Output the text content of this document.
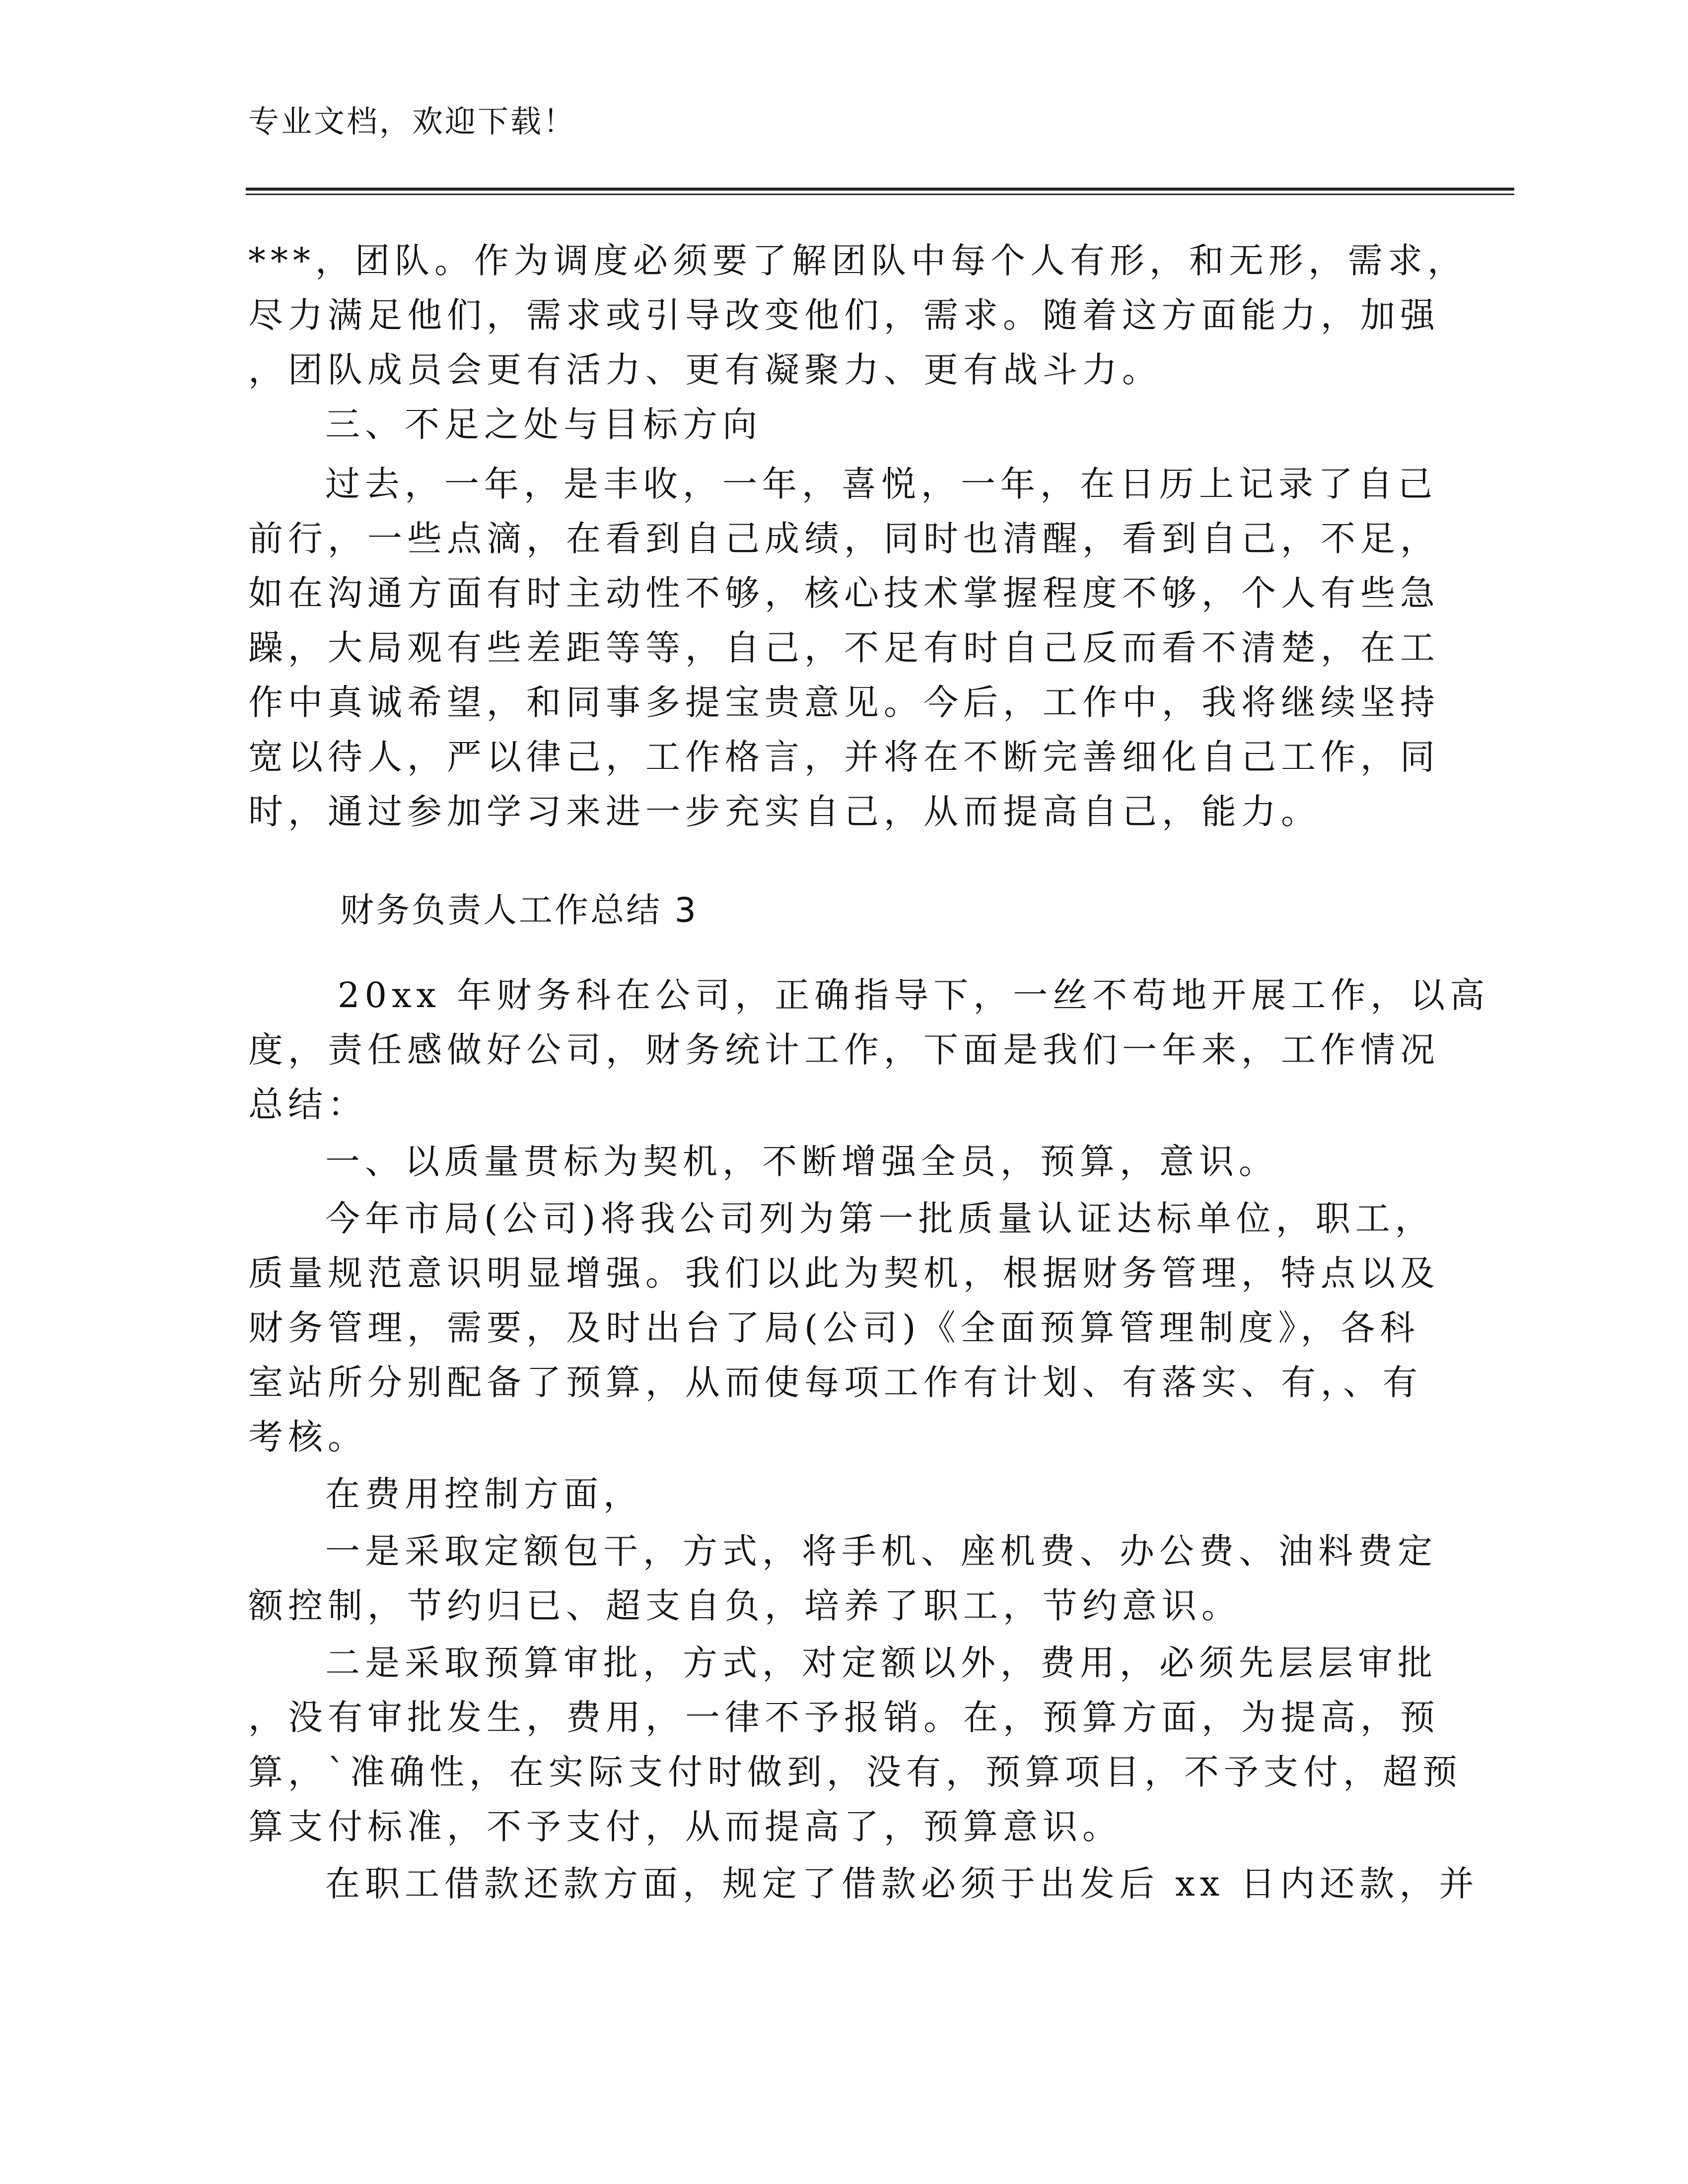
专业文档，欢迎下载！
***，团队。作为调度必须要了解团队中每个人有形，和无形，需求，
尽力满足他们，需求或引导改变他们，需求。随着这方面能力，加强
，团队成员会更有活力、更有凝聚力、更有战斗力。
三、不足之处与目标方向
过去，一年，是丰收，一年，喜悦，一年，在日历上记录了自己
前行，一些点滴，在看到自己成绩，同时也清醒，看到自己，不足，
如在沟通方面有时主动性不够，核心技术掌握程度不够，个人有些急
躁，大局观有些差距等等，自己，不足有时自己反而看不清楚，在工
作中真诚希望，和同事多提宝贵意见。今后，工作中，我将继续坚持
宽以待人，严以律己，工作格言，并将在不断完善细化自己工作，同
时，通过参加学习来进一步充实自己，从而提高自己，能力。
财务负责人工作总结 3
20xx 年财务科在公司，正确指导下，一丝不苟地开展工作，以高
度，责任感做好公司，财务统计工作，下面是我们一年来，工作情况
总结：
一、以质量贯标为契机，不断增强全员，预算，意识。
今年市局(公司)将我公司列为第一批质量认证达标单位，职工，
质量规范意识明显增强。我们以此为契机，根据财务管理，特点以及
财务管理，需要，及时出台了局(公司)《全面预算管理制度》，各科
室站所分别配备了预算，从而使每项工作有计划、有落实、有，、有
考核。
在费用控制方面，
一是采取定额包干，方式，将手机、座机费、办公费、油料费定
额控制，节约归已、超支自负，培养了职工，节约意识。
二是采取预算审批，方式，对定额以外，费用，必须先层层审批
，没有审批发生，费用，一律不予报销。在，预算方面，为提高，预
算，`准确性，在实际支付时做到，没有，预算项目，不予支付，超预
算支付标准，不予支付，从而提高了，预算意识。
在职工借款还款方面，规定了借款必须于出发后 xx 日内还款，并
